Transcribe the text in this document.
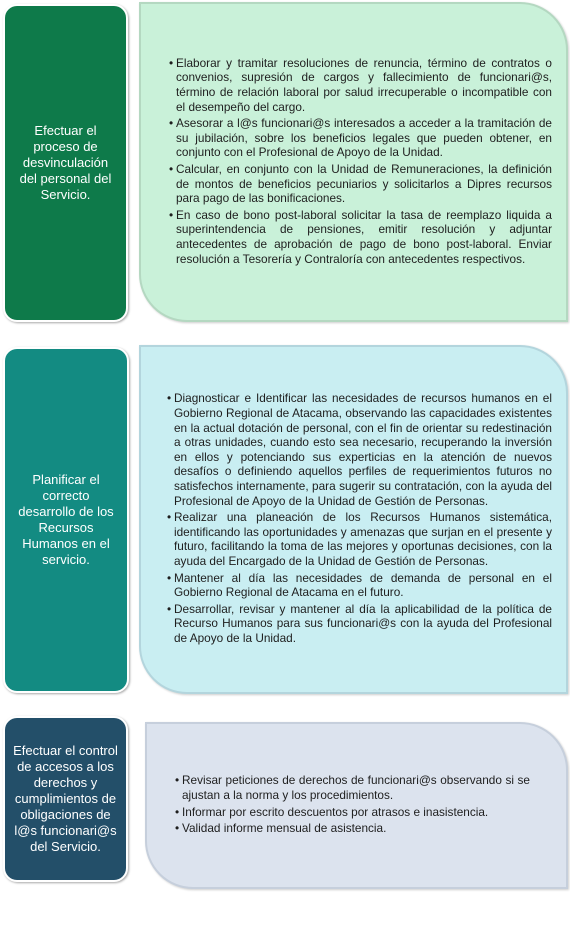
Efectuar el proceso de desvinculación del personal del Servicio.
• Elaborar y tramitar resoluciones de renuncia, término de contratos o convenios, supresión de cargos y fallecimiento de funcionari@s, término de relación laboral por salud irrecuperable o incompatible con el desempeño del cargo.
• Asesorar a l@s funcionari@s interesados a acceder a la tramitación de su jubilación, sobre los beneficios legales que pueden obtener, en conjunto con el Profesional de Apoyo de la Unidad.
• Calcular, en conjunto con la Unidad de Remuneraciones, la definición de montos de beneficios pecuniarios y solicitarlos a Dipres recursos para pago de las bonificaciones.
• En caso de bono post-laboral solicitar la tasa de reemplazo liquida a superintendencia de pensiones, emitir resolución y adjuntar antecedentes de aprobación de pago de bono post-laboral. Enviar resolución a Tesorería y Contraloría con antecedentes respectivos.
Planificar el correcto desarrollo de los Recursos Humanos en el servicio.
• Diagnosticar e Identificar las necesidades de recursos humanos en el Gobierno Regional de Atacama, observando las capacidades existentes en la actual dotación de personal, con el fin de orientar su redestinación a otras unidades, cuando esto sea necesario, recuperando la inversión en ellos y potenciando sus experticias en la atención de nuevos desafíos o definiendo aquellos perfiles de requerimientos futuros no satisfechos internamente, para sugerir su contratación, con la ayuda del Profesional de Apoyo de la Unidad de Gestión de Personas.
• Realizar una planeación de los Recursos Humanos sistemática, identificando las oportunidades y amenazas que surjan en el presente y futuro, facilitando la toma de las mejores y oportunas decisiones, con la ayuda del Encargado de la Unidad de Gestión de Personas.
• Mantener al día las necesidades de demanda de personal en el Gobierno Regional de Atacama en el futuro.
• Desarrollar, revisar y mantener al día la aplicabilidad de la política de Recurso Humanos para sus funcionari@s con la ayuda del Profesional de Apoyo de la Unidad.
Efectuar el control de accesos a los derechos y cumplimientos de obligaciones de l@s funcionari@s del Servicio.
• Revisar peticiones de derechos de funcionari@s observando si se ajustan a la norma y los procedimientos.
• Informar por escrito descuentos por atrasos e inasistencia.
• Validad informe mensual de asistencia.
